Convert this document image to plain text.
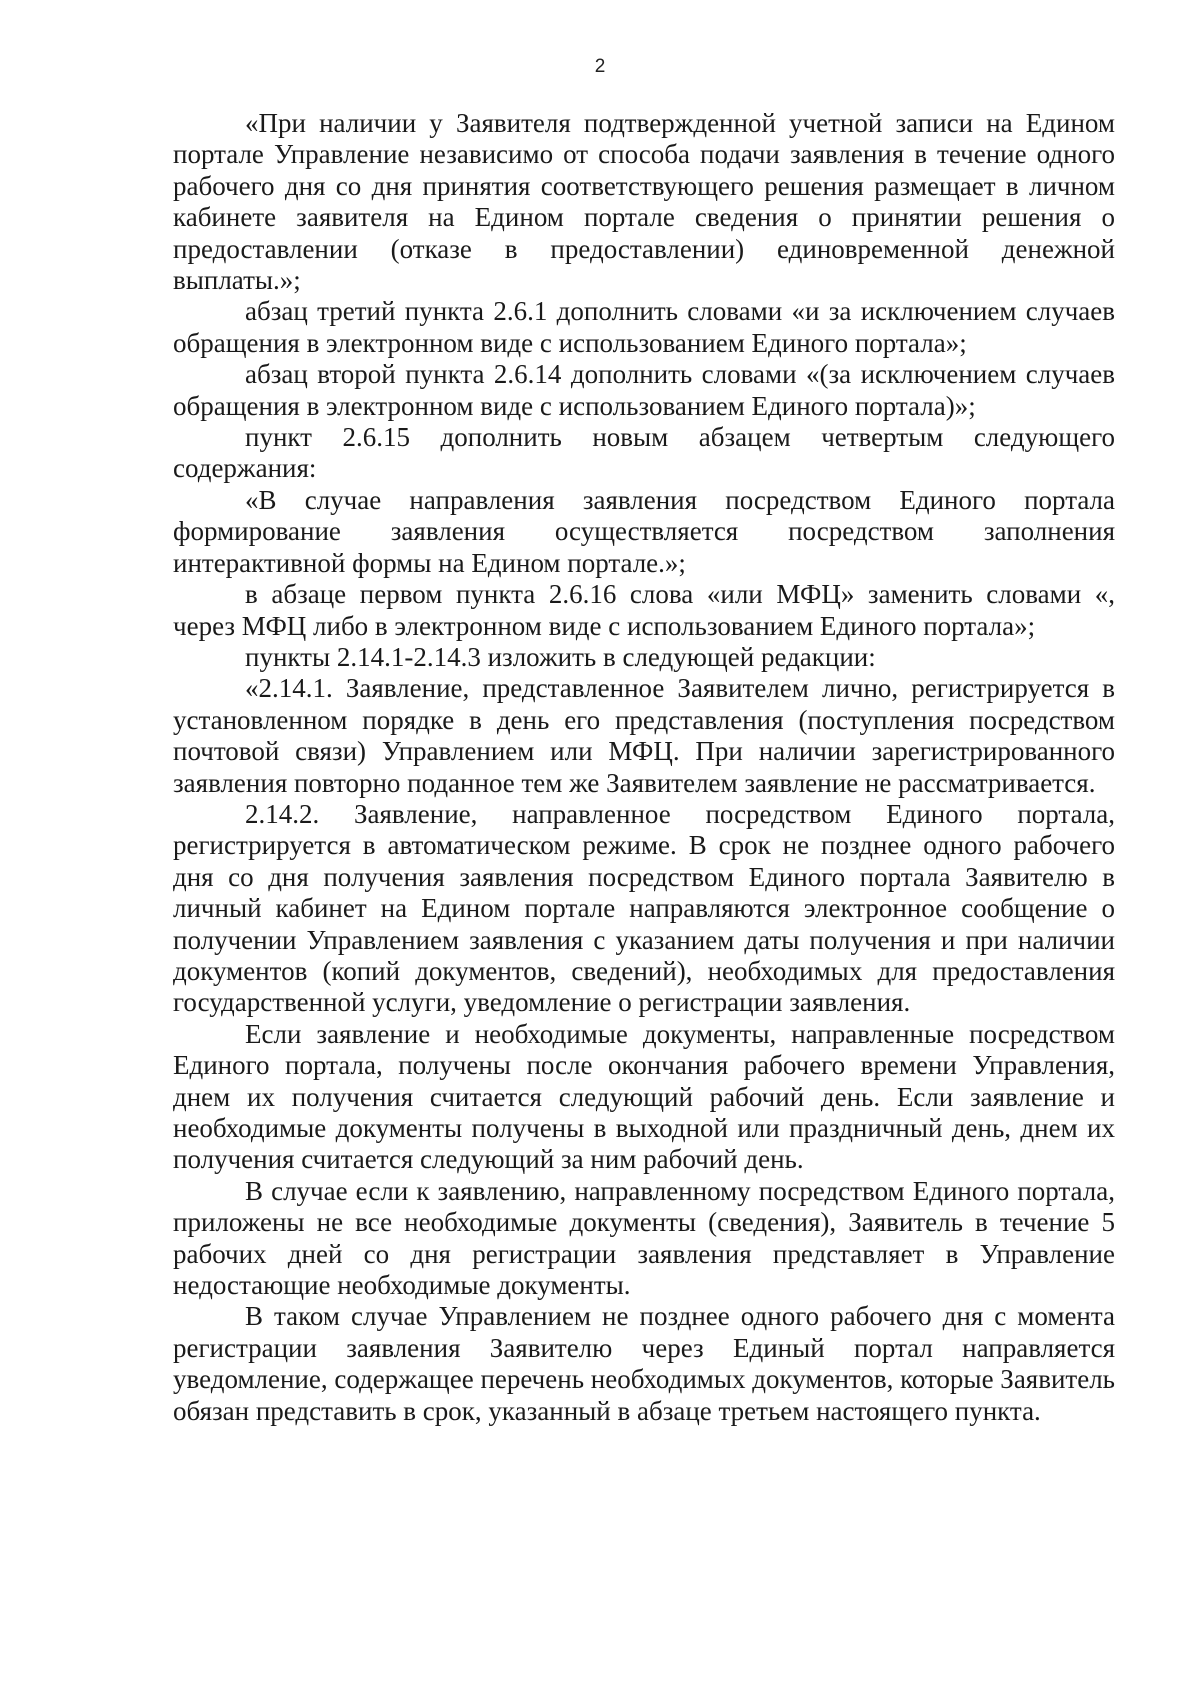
2

«При наличии у Заявителя подтвержденной учетной записи на Едином портале Управление независимо от способа подачи заявления в течение одного рабочего дня со дня принятия соответствующего решения размещает в личном кабинете заявителя на Едином портале сведения о принятии решения о предоставлении (отказе в предоставлении) единовременной денежной выплаты.»;

абзац третий пункта 2.6.1 дополнить словами «и за исключением случаев обращения в электронном виде с использованием Единого портала»;

абзац второй пункта 2.6.14 дополнить словами «(за исключением случаев обращения в электронном виде с использованием Единого портала)»;

пункт 2.6.15 дополнить новым абзацем четвертым следующего содержания:

«В случае направления заявления посредством Единого портала формирование заявления осуществляется посредством заполнения интерактивной формы на Едином портале.»;

в абзаце первом пункта 2.6.16 слова «или МФЦ» заменить словами «, через МФЦ либо в электронном виде с использованием Единого портала»;

пункты 2.14.1-2.14.3 изложить в следующей редакции:

«2.14.1. Заявление, представленное Заявителем лично, регистрируется в установленном порядке в день его представления (поступления посредством почтовой связи) Управлением или МФЦ. При наличии зарегистрированного заявления повторно поданное тем же Заявителем заявление не рассматривается.

2.14.2. Заявление, направленное посредством Единого портала, регистрируется в автоматическом режиме. В срок не позднее одного рабочего дня со дня получения заявления посредством Единого портала Заявителю в личный кабинет на Едином портале направляются электронное сообщение о получении Управлением заявления с указанием даты получения и при наличии документов (копий документов, сведений), необходимых для предоставления государственной услуги, уведомление о регистрации заявления.

Если заявление и необходимые документы, направленные посредством Единого портала, получены после окончания рабочего времени Управления, днем их получения считается следующий рабочий день. Если заявление и необходимые документы получены в выходной или праздничный день, днем их получения считается следующий за ним рабочий день.

В случае если к заявлению, направленному посредством Единого портала, приложены не все необходимые документы (сведения), Заявитель в течение 5 рабочих дней со дня регистрации заявления представляет в Управление недостающие необходимые документы.

В таком случае Управлением не позднее одного рабочего дня с момента регистрации заявления Заявителю через Единый портал направляется уведомление, содержащее перечень необходимых документов, которые Заявитель обязан представить в срок, указанный в абзаце третьем настоящего пункта.
